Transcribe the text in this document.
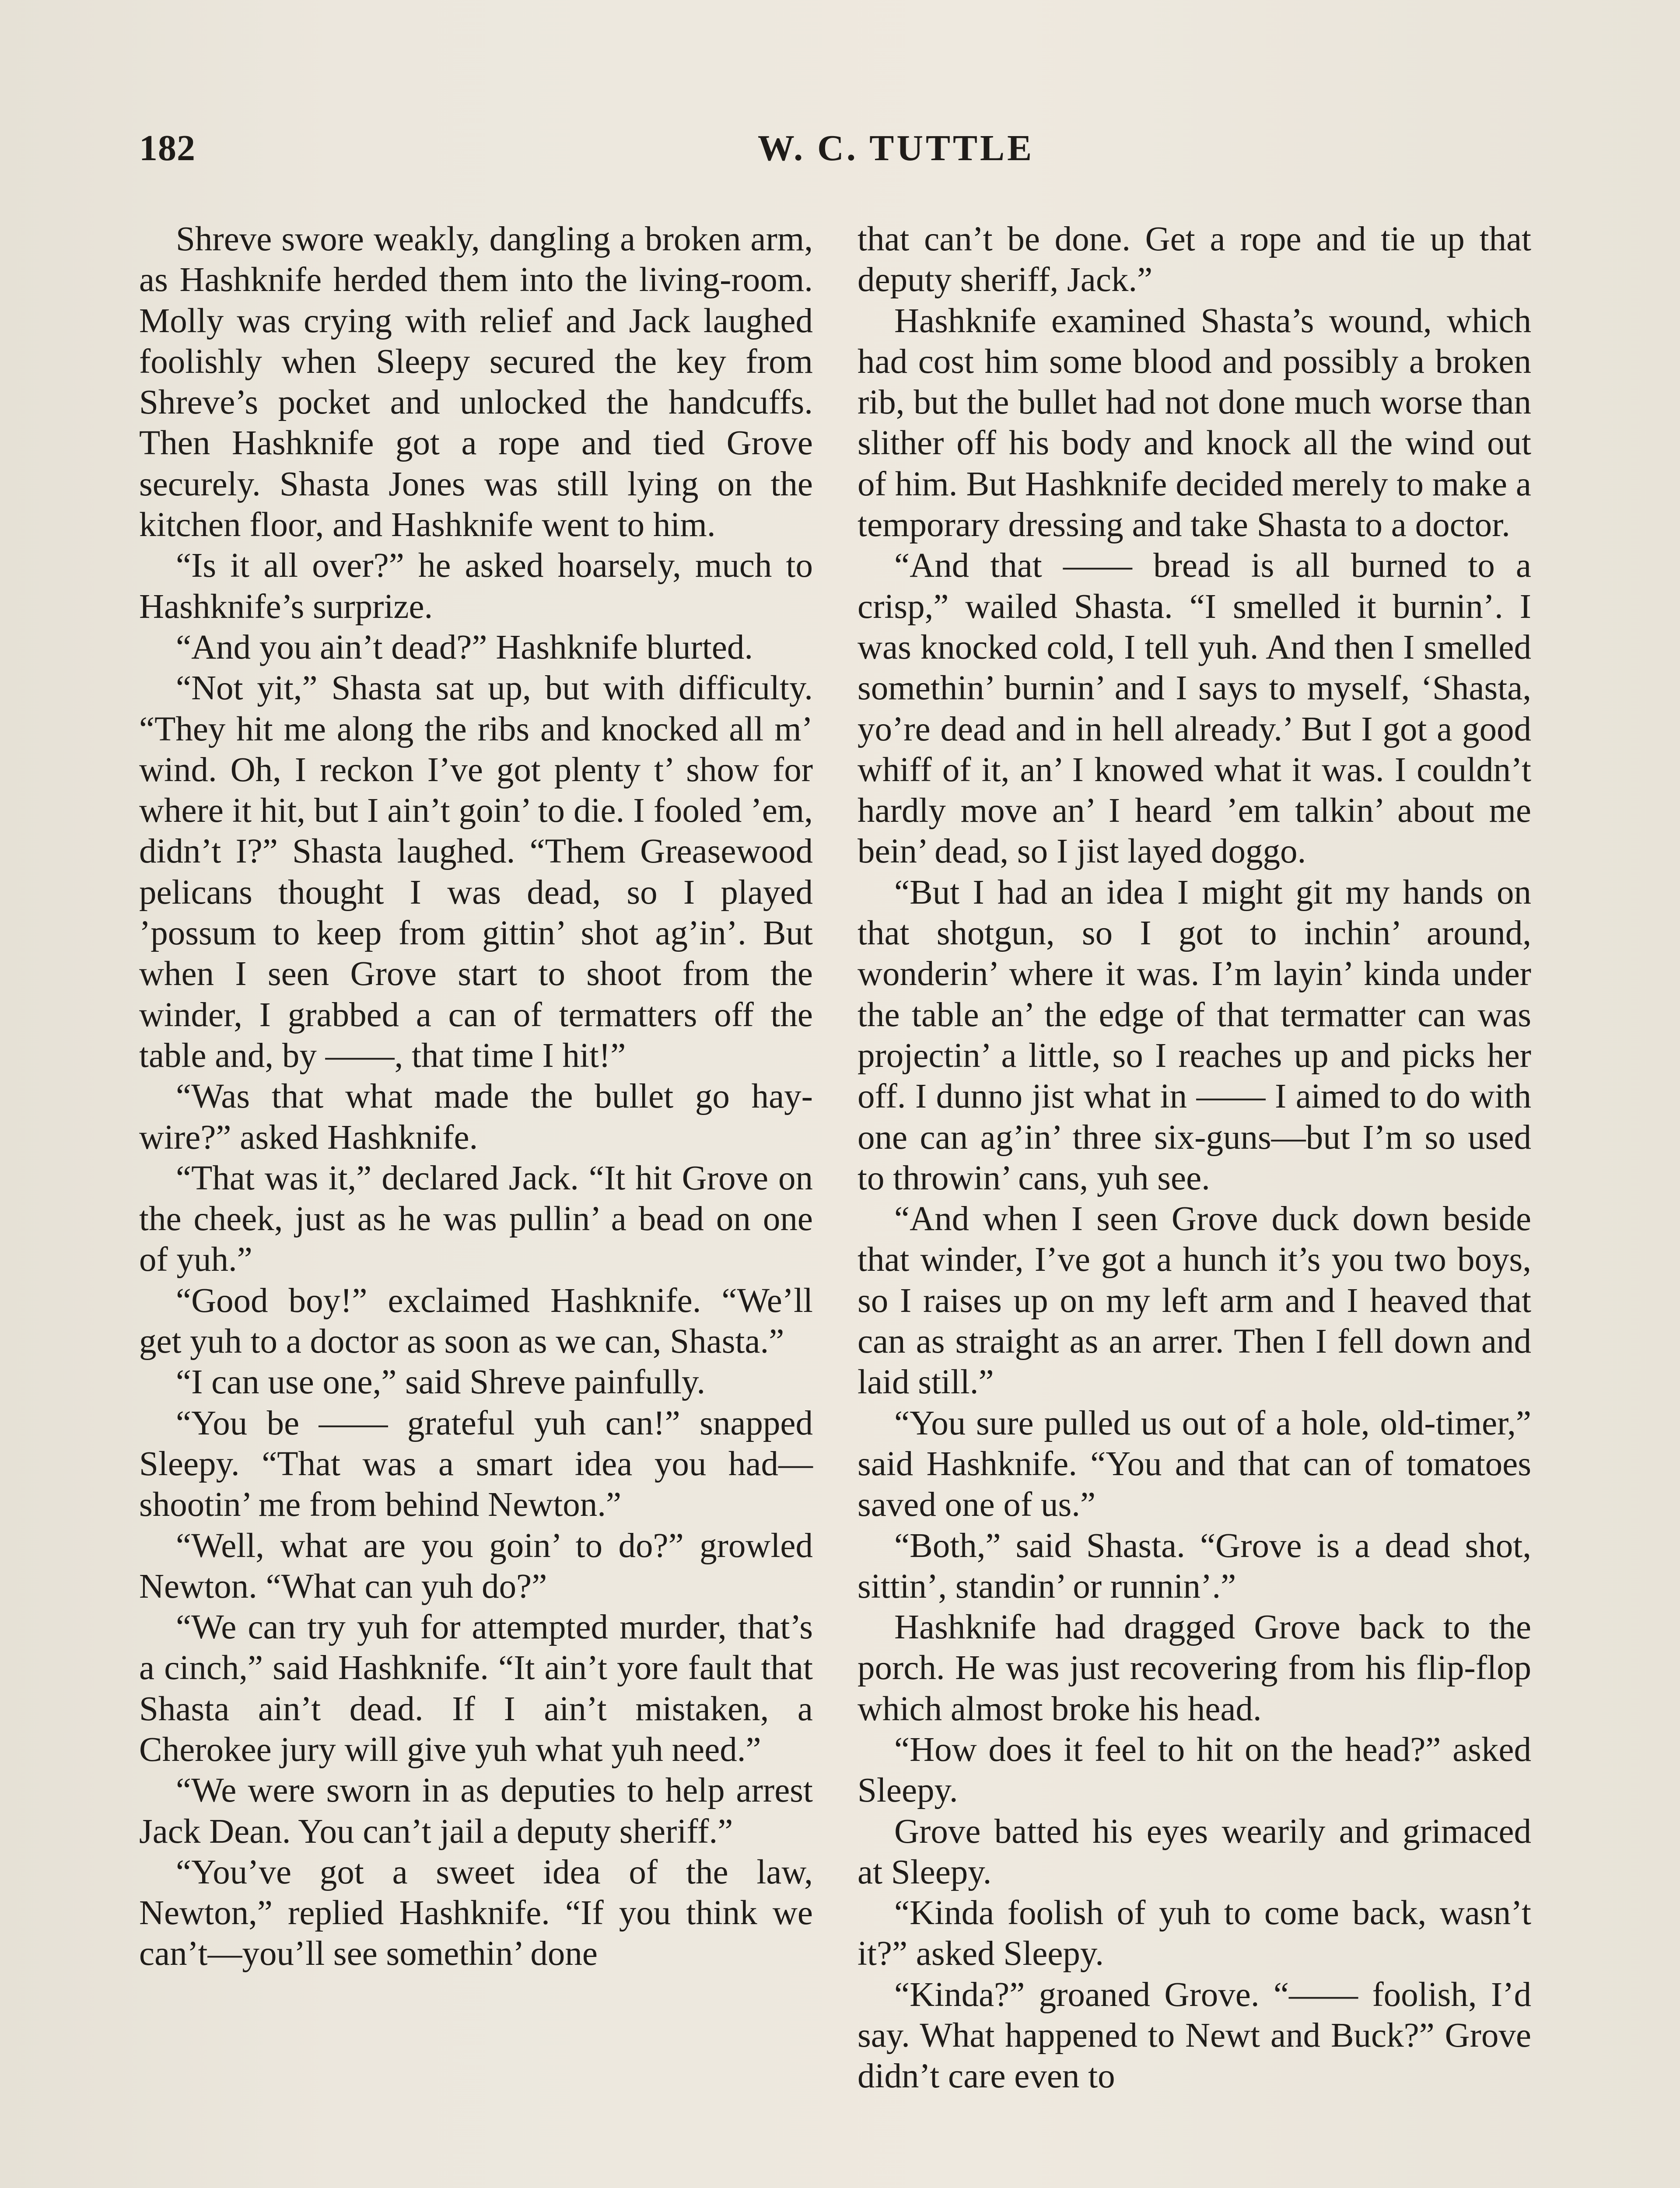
182	W. C. TUTTLE

Shreve swore weakly, dangling a broken arm, as Hashknife herded them into the living-room. Molly was crying with relief and Jack laughed foolishly when Sleepy secured the key from Shreve’s pocket and unlocked the handcuffs. Then Hashknife got a rope and tied Grove securely. Shasta Jones was still lying on the kitchen floor, and Hashknife went to him.

“Is it all over?” he asked hoarsely, much to Hashknife’s surprize.

“And you ain’t dead?” Hashknife blurted.

“Not yit,” Shasta sat up, but with difficulty. “They hit me along the ribs and knocked all m’ wind. Oh, I reckon I’ve got plenty t’ show for where it hit, but I ain’t goin’ to die. I fooled ’em, didn’t I?” Shasta laughed. “Them Greasewood pelicans thought I was dead, so I played ’possum to keep from gittin’ shot ag’in’. But when I seen Grove start to shoot from the winder, I grabbed a can of termatters off the table and, by ——, that time I hit!”

“Was that what made the bullet go hay-wire?” asked Hashknife.

“That was it,” declared Jack. “It hit Grove on the cheek, just as he was pullin’ a bead on one of yuh.”

“Good boy!” exclaimed Hashknife. “We’ll get yuh to a doctor as soon as we can, Shasta.”

“I can use one,” said Shreve painfully.

“You be —— grateful yuh can!” snapped Sleepy. “That was a smart idea you had—shootin’ me from behind Newton.”

“Well, what are you goin’ to do?” growled Newton. “What can yuh do?”

“We can try yuh for attempted murder, that’s a cinch,” said Hashknife. “It ain’t yore fault that Shasta ain’t dead. If I ain’t mistaken, a Cherokee jury will give yuh what yuh need.”

“We were sworn in as deputies to help arrest Jack Dean. You can’t jail a deputy sheriff.”

“You’ve got a sweet idea of the law, Newton,” replied Hashknife. “If you think we can’t—you’ll see somethin’ done

that can’t be done. Get a rope and tie up that deputy sheriff, Jack.”

Hashknife examined Shasta’s wound, which had cost him some blood and possibly a broken rib, but the bullet had not done much worse than slither off his body and knock all the wind out of him. But Hashknife decided merely to make a temporary dressing and take Shasta to a doctor.

“And that —— bread is all burned to a crisp,” wailed Shasta. “I smelled it burnin’. I was knocked cold, I tell yuh. And then I smelled somethin’ burnin’ and I says to myself, ‘Shasta, yo’re dead and in hell already.’ But I got a good whiff of it, an’ I knowed what it was. I couldn’t hardly move an’ I heard ’em talkin’ about me bein’ dead, so I jist layed doggo.

“But I had an idea I might git my hands on that shotgun, so I got to inchin’ around, wonderin’ where it was. I’m layin’ kinda under the table an’ the edge of that termatter can was projectin’ a little, so I reaches up and picks her off. I dunno jist what in —— I aimed to do with one can ag’in’ three six-guns—but I’m so used to throwin’ cans, yuh see.

“And when I seen Grove duck down beside that winder, I’ve got a hunch it’s you two boys, so I raises up on my left arm and I heaved that can as straight as an arrer. Then I fell down and laid still.”

“You sure pulled us out of a hole, old-timer,” said Hashknife. “You and that can of tomatoes saved one of us.”

“Both,” said Shasta. “Grove is a dead shot, sittin’, standin’ or runnin’.”

Hashknife had dragged Grove back to the porch. He was just recovering from his flip-flop which almost broke his head.

“How does it feel to hit on the head?” asked Sleepy.

Grove batted his eyes wearily and grimaced at Sleepy.

“Kinda foolish of yuh to come back, wasn’t it?” asked Sleepy.

“Kinda?” groaned Grove. “—— foolish, I’d say. What happened to Newt and Buck?” Grove didn’t care even to
